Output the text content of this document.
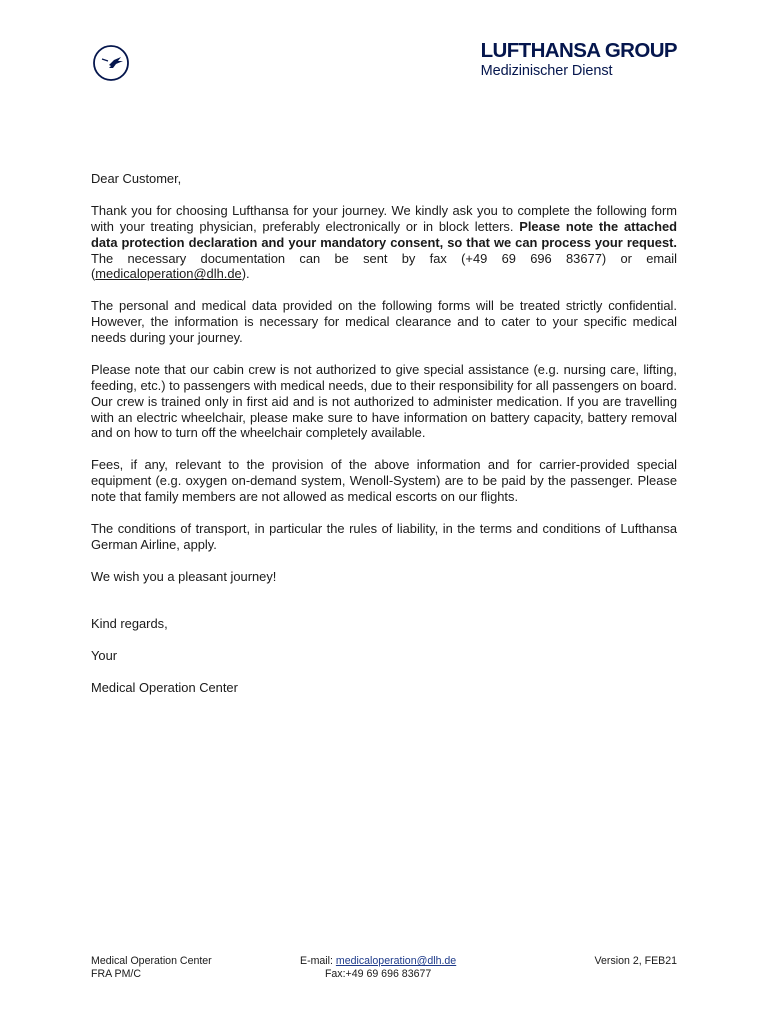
LUFTHANSA GROUP
Medizinischer Dienst

Dear Customer,

Thank you for choosing Lufthansa for your journey. We kindly ask you to complete the following form with your treating physician, preferably electronically or in block letters. Please note the attached data protection declaration and your mandatory consent, so that we can process your request. The necessary documentation can be sent by fax (+49 69 696 83677) or email (medicaloperation@dlh.de).

The personal and medical data provided on the following forms will be treated strictly confidential. However, the information is necessary for medical clearance and to cater to your specific medical needs during your journey.

Please note that our cabin crew is not authorized to give special assistance (e.g. nursing care, lifting, feeding, etc.) to passengers with medical needs, due to their responsibility for all passengers on board. Our crew is trained only in first aid and is not authorized to administer medication. If you are travelling with an electric wheelchair, please make sure to have information on battery capacity, battery removal and on how to turn off the wheelchair completely available.

Fees, if any, relevant to the provision of the above information and for carrier-provided special equipment (e.g. oxygen on-demand system, Wenoll-System) are to be paid by the passenger. Please note that family members are not allowed as medical escorts on our flights.

The conditions of transport, in particular the rules of liability, in the terms and conditions of Lufthansa German Airline, apply.

We wish you a pleasant journey!

Kind regards,

Your

Medical Operation Center

Medical Operation Center
FRA PM/C
E-mail: medicaloperation@dlh.de
Fax:+49 69 696 83677
Version 2, FEB21
